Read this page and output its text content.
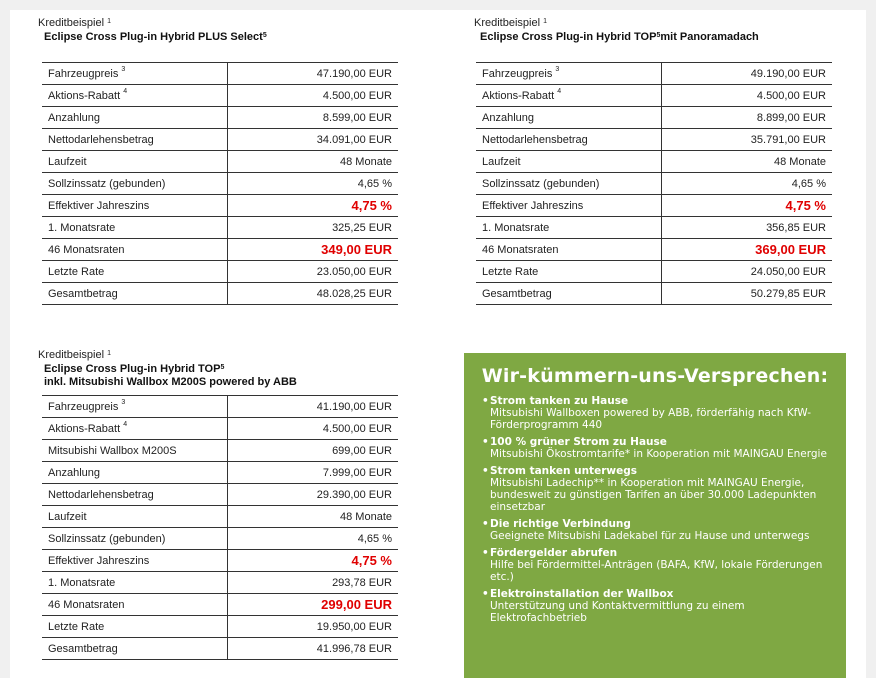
Kreditbeispiel $^1$
Eclipse Cross Plug-in Hybrid PLUS Select$^5$
Fahrzeugpreis $^3$	47.190,00 EUR
Aktions-Rabatt $^4$	4.500,00 EUR
Anzahlung	8.599,00 EUR
Nettodarlehensbetrag	34.091,00 EUR
Laufzeit	48 Monate
Sollzinssatz (gebunden)	4,65 %
Effektiver Jahreszins	4,75 %
1. Monatsrate	325,25 EUR
46 Monatsraten	349,00 EUR
Letzte Rate	23.050,00 EUR
Gesamtbetrag	48.028,25 EUR
Kreditbeispiel $^1$
Eclipse Cross Plug-in Hybrid TOP$^5$mit Panoramadach
Fahrzeugpreis $^3$	49.190,00 EUR
Aktions-Rabatt $^4$	4.500,00 EUR
Anzahlung	8.899,00 EUR
Nettodarlehensbetrag	35.791,00 EUR
Laufzeit	48 Monate
Sollzinssatz (gebunden)	4,65 %
Effektiver Jahreszins	4,75 %
1. Monatsrate	356,85 EUR
46 Monatsraten	369,00 EUR
Letzte Rate	24.050,00 EUR
Gesamtbetrag	50.279,85 EUR
Kreditbeispiel $^1$
Eclipse Cross Plug-in Hybrid TOP$^5$
inkl. Mitsubishi Wallbox M200S powered by ABB
Fahrzeugpreis $^3$	41.190,00 EUR
Aktions-Rabatt $^4$	4.500,00 EUR
Mitsubishi Wallbox M200S	699,00 EUR
Anzahlung	7.999,00 EUR
Nettodarlehensbetrag	29.390,00 EUR
Laufzeit	48 Monate
Sollzinssatz (gebunden)	4,65 %
Effektiver Jahreszins	4,75 %
1. Monatsrate	293,78 EUR
46 Monatsraten	299,00 EUR
Letzte Rate	19.950,00 EUR
Gesamtbetrag	41.996,78 EUR
Wir-kümmern-uns-Versprechen:
• Strom tanken zu Hause
Mitsubishi Wallboxen powered by ABB, förderfähig nach KfW-Förderprogramm 440
• 100 % grüner Strom zu Hause
Mitsubishi Ökostromtarife* in Kooperation mit MAINGAU Energie
• Strom tanken unterwegs
Mitsubishi Ladechip** in Kooperation mit MAINGAU Energie, bundesweit zu günstigen Tarifen an über 30.000 Ladepunkten einsetzbar
• Die richtige Verbindung
Geeignete Mitsubishi Ladekabel für zu Hause und unterwegs
• Fördergelder abrufen
Hilfe bei Fördermittel-Anträgen (BAFA, KfW, lokale Förderungen etc.)
• Elektroinstallation der Wallbox
Unterstützung und Kontaktvermittlung zu einem Elektrofachbetrieb
